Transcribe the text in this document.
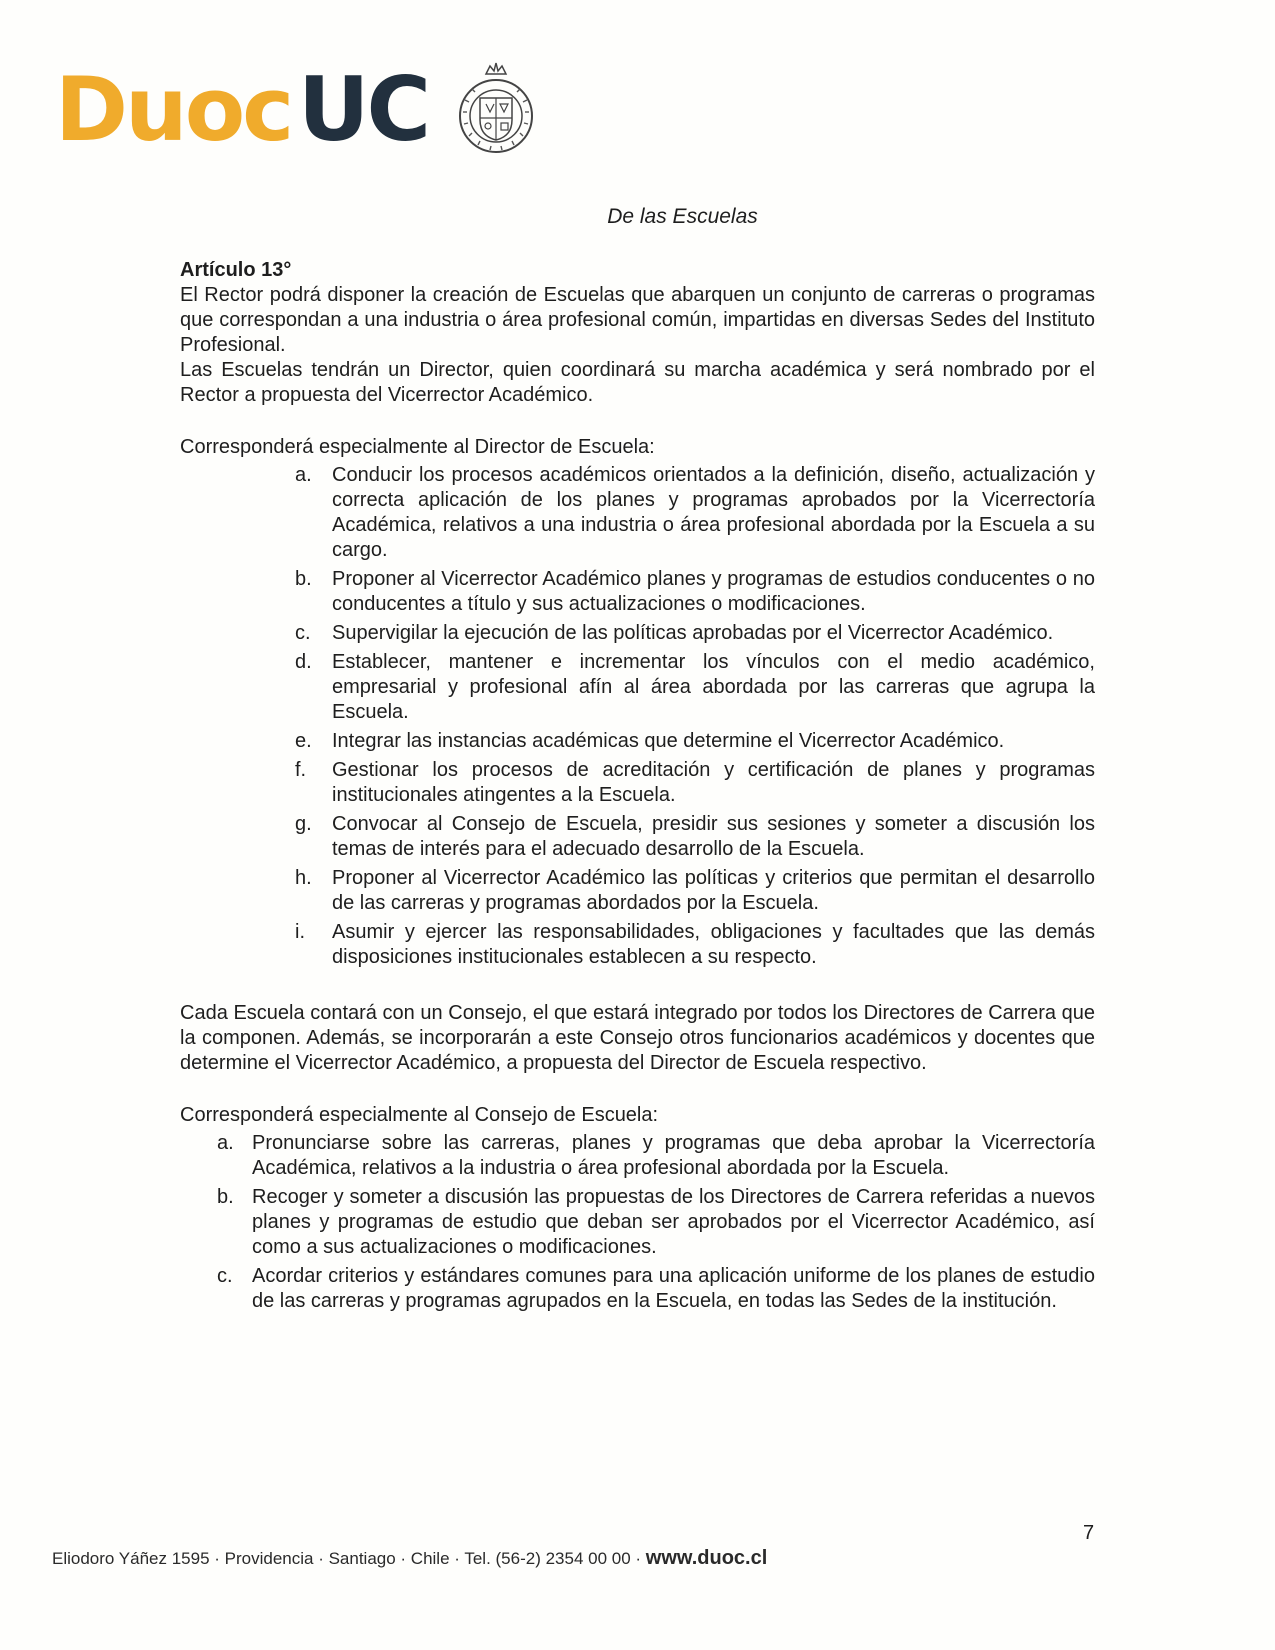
Duoc UC
De las Escuelas

Artículo 13°

El Rector podrá disponer la creación de Escuelas que abarquen un conjunto de carreras o programas que correspondan a una industria o área profesional común, impartidas en diversas Sedes del Instituto Profesional.

Las Escuelas tendrán un Director, quien coordinará su marcha académica y será nombrado por el Rector a propuesta del Vicerrector Académico.

Corresponderá especialmente al Director de Escuela:

a. Conducir los procesos académicos orientados a la definición, diseño, actualización y correcta aplicación de los planes y programas aprobados por la Vicerrectoría Académica, relativos a una industria o área profesional abordada por la Escuela a su cargo.
b. Proponer al Vicerrector Académico planes y programas de estudios conducentes o no conducentes a título y sus actualizaciones o modificaciones.
c. Supervigilar la ejecución de las políticas aprobadas por el Vicerrector Académico.
d. Establecer, mantener e incrementar los vínculos con el medio académico, empresarial y profesional afín al área abordada por las carreras que agrupa la Escuela.
e. Integrar las instancias académicas que determine el Vicerrector Académico.
f. Gestionar los procesos de acreditación y certificación de planes y programas institucionales atingentes a la Escuela.
g. Convocar al Consejo de Escuela, presidir sus sesiones y someter a discusión los temas de interés para el adecuado desarrollo de la Escuela.
h. Proponer al Vicerrector Académico las políticas y criterios que permitan el desarrollo de las carreras y programas abordados por la Escuela.
i. Asumir y ejercer las responsabilidades, obligaciones y facultades que las demás disposiciones institucionales establecen a su respecto.

Cada Escuela contará con un Consejo, el que estará integrado por todos los Directores de Carrera que la componen. Además, se incorporarán a este Consejo otros funcionarios académicos y docentes que determine el Vicerrector Académico, a propuesta del Director de Escuela respectivo.

Corresponderá especialmente al Consejo de Escuela:

a. Pronunciarse sobre las carreras, planes y programas que deba aprobar la Vicerrectoría Académica, relativos a la industria o área profesional abordada por la Escuela.
b. Recoger y someter a discusión las propuestas de los Directores de Carrera referidas a nuevos planes y programas de estudio que deban ser aprobados por el Vicerrector Académico, así como a sus actualizaciones o modificaciones.
c. Acordar criterios y estándares comunes para una aplicación uniforme de los planes de estudio de las carreras y programas agrupados en la Escuela, en todas las Sedes de la institución.
7
Eliodoro Yáñez 1595 · Providencia · Santiago · Chile · Tel. (56-2) 2354 00 00 · www.duoc.cl
